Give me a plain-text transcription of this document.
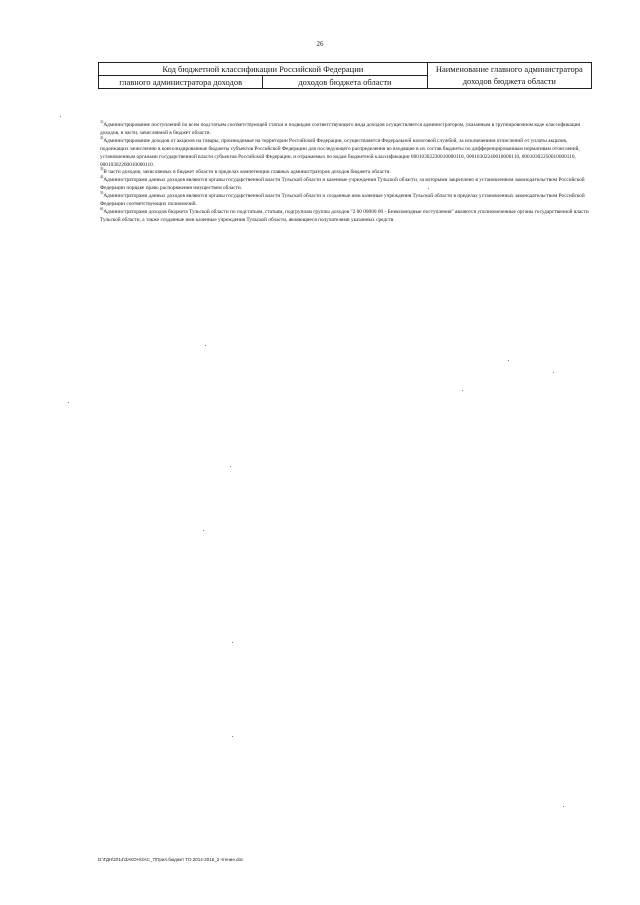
26
Код бюджетной классификации Российской Федерации		Наименование главного администратора доходов бюджета области
главного администратора доходов	доходов бюджета области	

$^{1)}$Администрирование поступлений по всем подстатьям соответствующей статьи и подвидам соответствующего вида доходов осуществляется администратором, указанным в группировочном коде классификации доходов, в части, зачисляемой в бюджет области.

$^{2)}$Администрирование доходов от акцизов на товары, производимые на территории Российской Федерации, осуществляется Федеральной налоговой службой, за исключением отчислений от уплаты акцизов, подлежащих зачислению в консолидированные бюджеты субъектов Российской Федерации для последующего распределения во входящие в их состав бюджеты по дифференцированным нормативам отчислений, установленным органами государственной власти субъектов Российской Федерации, и отражаемых по кодам бюджетной классификации 00010302230010000110, 00010302240010000110, 00010302250010000110, 00010302260010000110.

$^{3)}$В части доходов, зачисляемых в бюджет области в пределах компетенции главных администраторов доходов бюджета области.

$^{4)}$Администраторами данных доходов являются органы государственной власти Тульской области и казенные учреждения Тульской области, за которыми закреплено в установленном законодательством Российской Федерации порядке право распоряжения имуществом области.

$^{5)}$Администраторами данных доходов являются органы государственной власти Тульской области и созданные ими казенные учреждения Тульской области в пределах установленных законодательством Российской Федерации соответствующих полномочий.

$^{6)}$Администраторами доходов бюджета Тульской области по подстатьям, статьям, подгруппам группы доходов "2 00 00000 00 - Безвозмездные поступления" являются уполномоченные органы государственной власти Тульской области, а также созданные ими казенные учреждения Тульской области, являющиеся получателями указанных средств.

D:\ГДН\2014\ЗАКОН\ЗАС_7\Прил.бюджет ТО 2014-2016_2 чтение.doc
